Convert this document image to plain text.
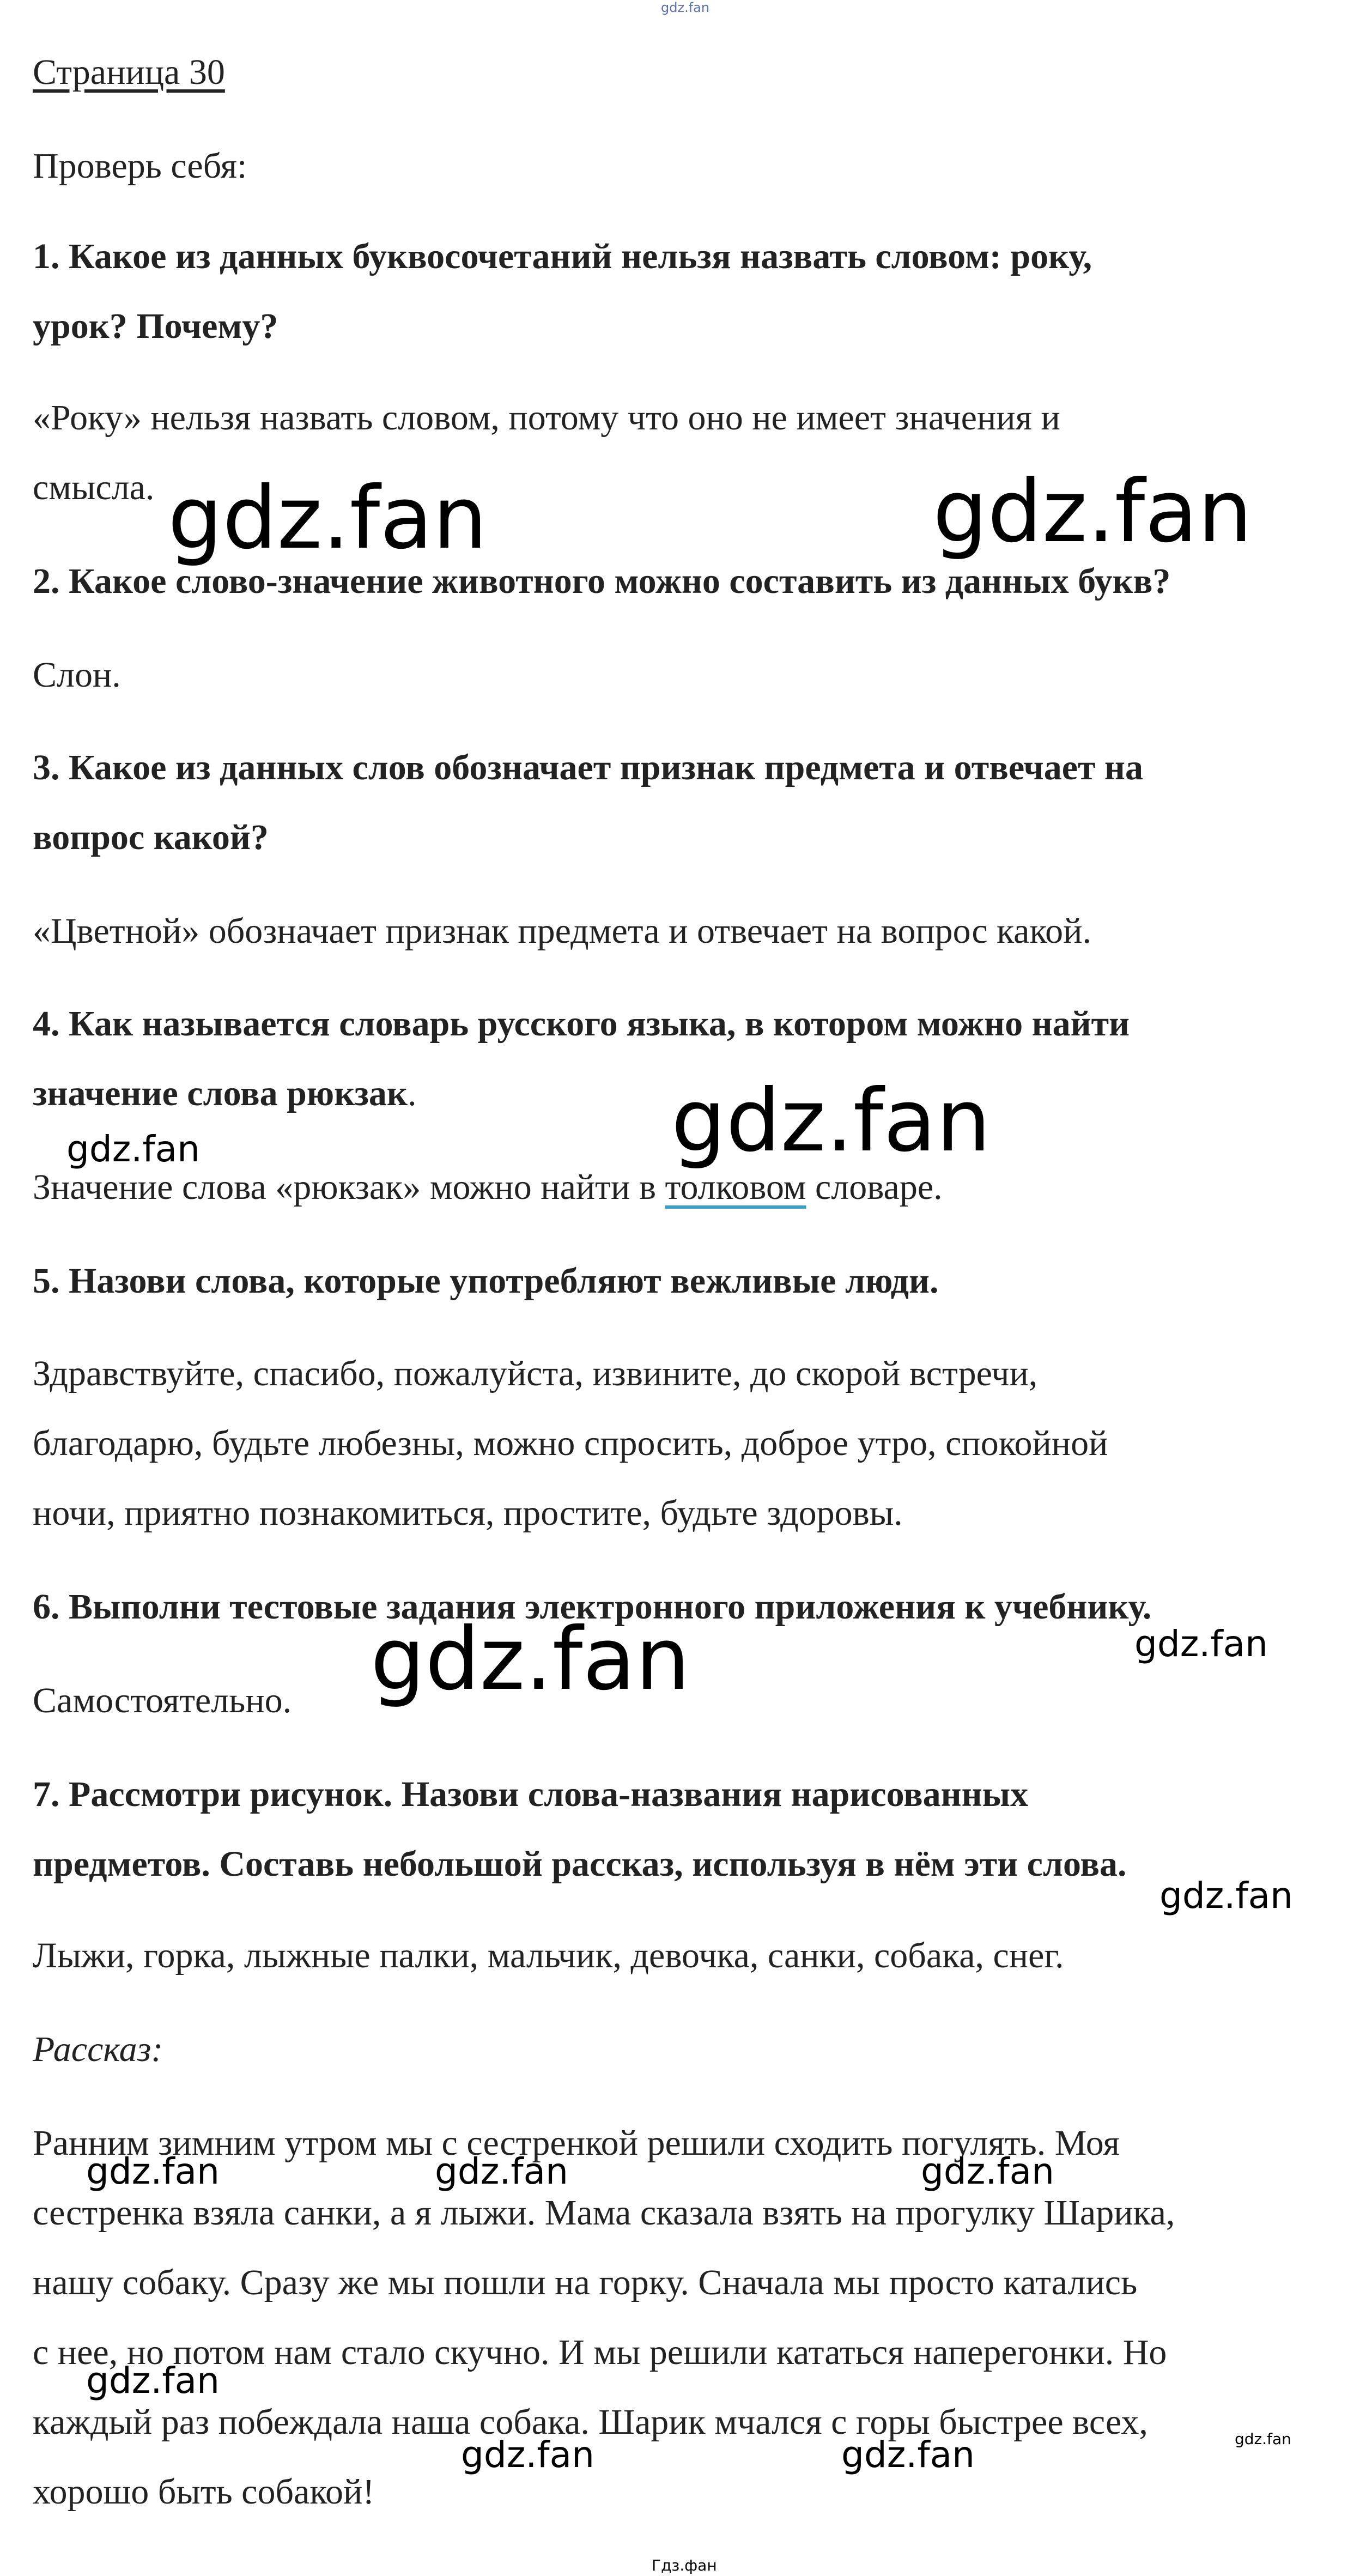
gdz.fan

Страница 30

Проверь себя:

1. Какое из данных буквосочетаний нельзя назвать словом: року,

урок? Почему?

«Року» нельзя назвать словом, потому что оно не имеет значения и

смысла.

2. Какое слово-значение животного можно составить из данных букв?

Слон.

3. Какое из данных слов обозначает признак предмета и отвечает на

вопрос какой?

«Цветной» обозначает признак предмета и отвечает на вопрос какой.

4. Как называется словарь русского языка, в котором можно найти

значение слова рюкзак.

Значение слова «рюкзак» можно найти в толковом словаре.

5. Назови слова, которые употребляют вежливые люди.

Здравствуйте, спасибо, пожалуйста, извините, до скорой встречи,

благодарю, будьте любезны, можно спросить, доброе утро, спокойной

ночи, приятно познакомиться, простите, будьте здоровы.

6. Выполни тестовые задания электронного приложения к учебнику.

Самостоятельно.

7. Рассмотри рисунок. Назови слова-названия нарисованных

предметов. Составь небольшой рассказ, используя в нём эти слова.

Лыжи, горка, лыжные палки, мальчик, девочка, санки, собака, снег.

Рассказ:

Ранним зимним утром мы с сестренкой решили сходить погулять. Моя

сестренка взяла санки, а я лыжи. Мама сказала взять на прогулку Шарика,

нашу собаку. Сразу же мы пошли на горку. Сначала мы просто катались

с нее, но потом нам стало скучно. И мы решили кататься наперегонки. Но

каждый раз побеждала наша собака. Шарик мчался с горы быстрее всех,

хорошо быть собакой!

gdz.fan	gdz.fan

gdz.fan

gdz.fan

gdz.fan

gdz.fan

gdz.fan

gdz.fan	gdz.fan	gdz.fan

gdz.fan

gdz.fan	gdz.fan	gdz.fan

Гдз.фан
